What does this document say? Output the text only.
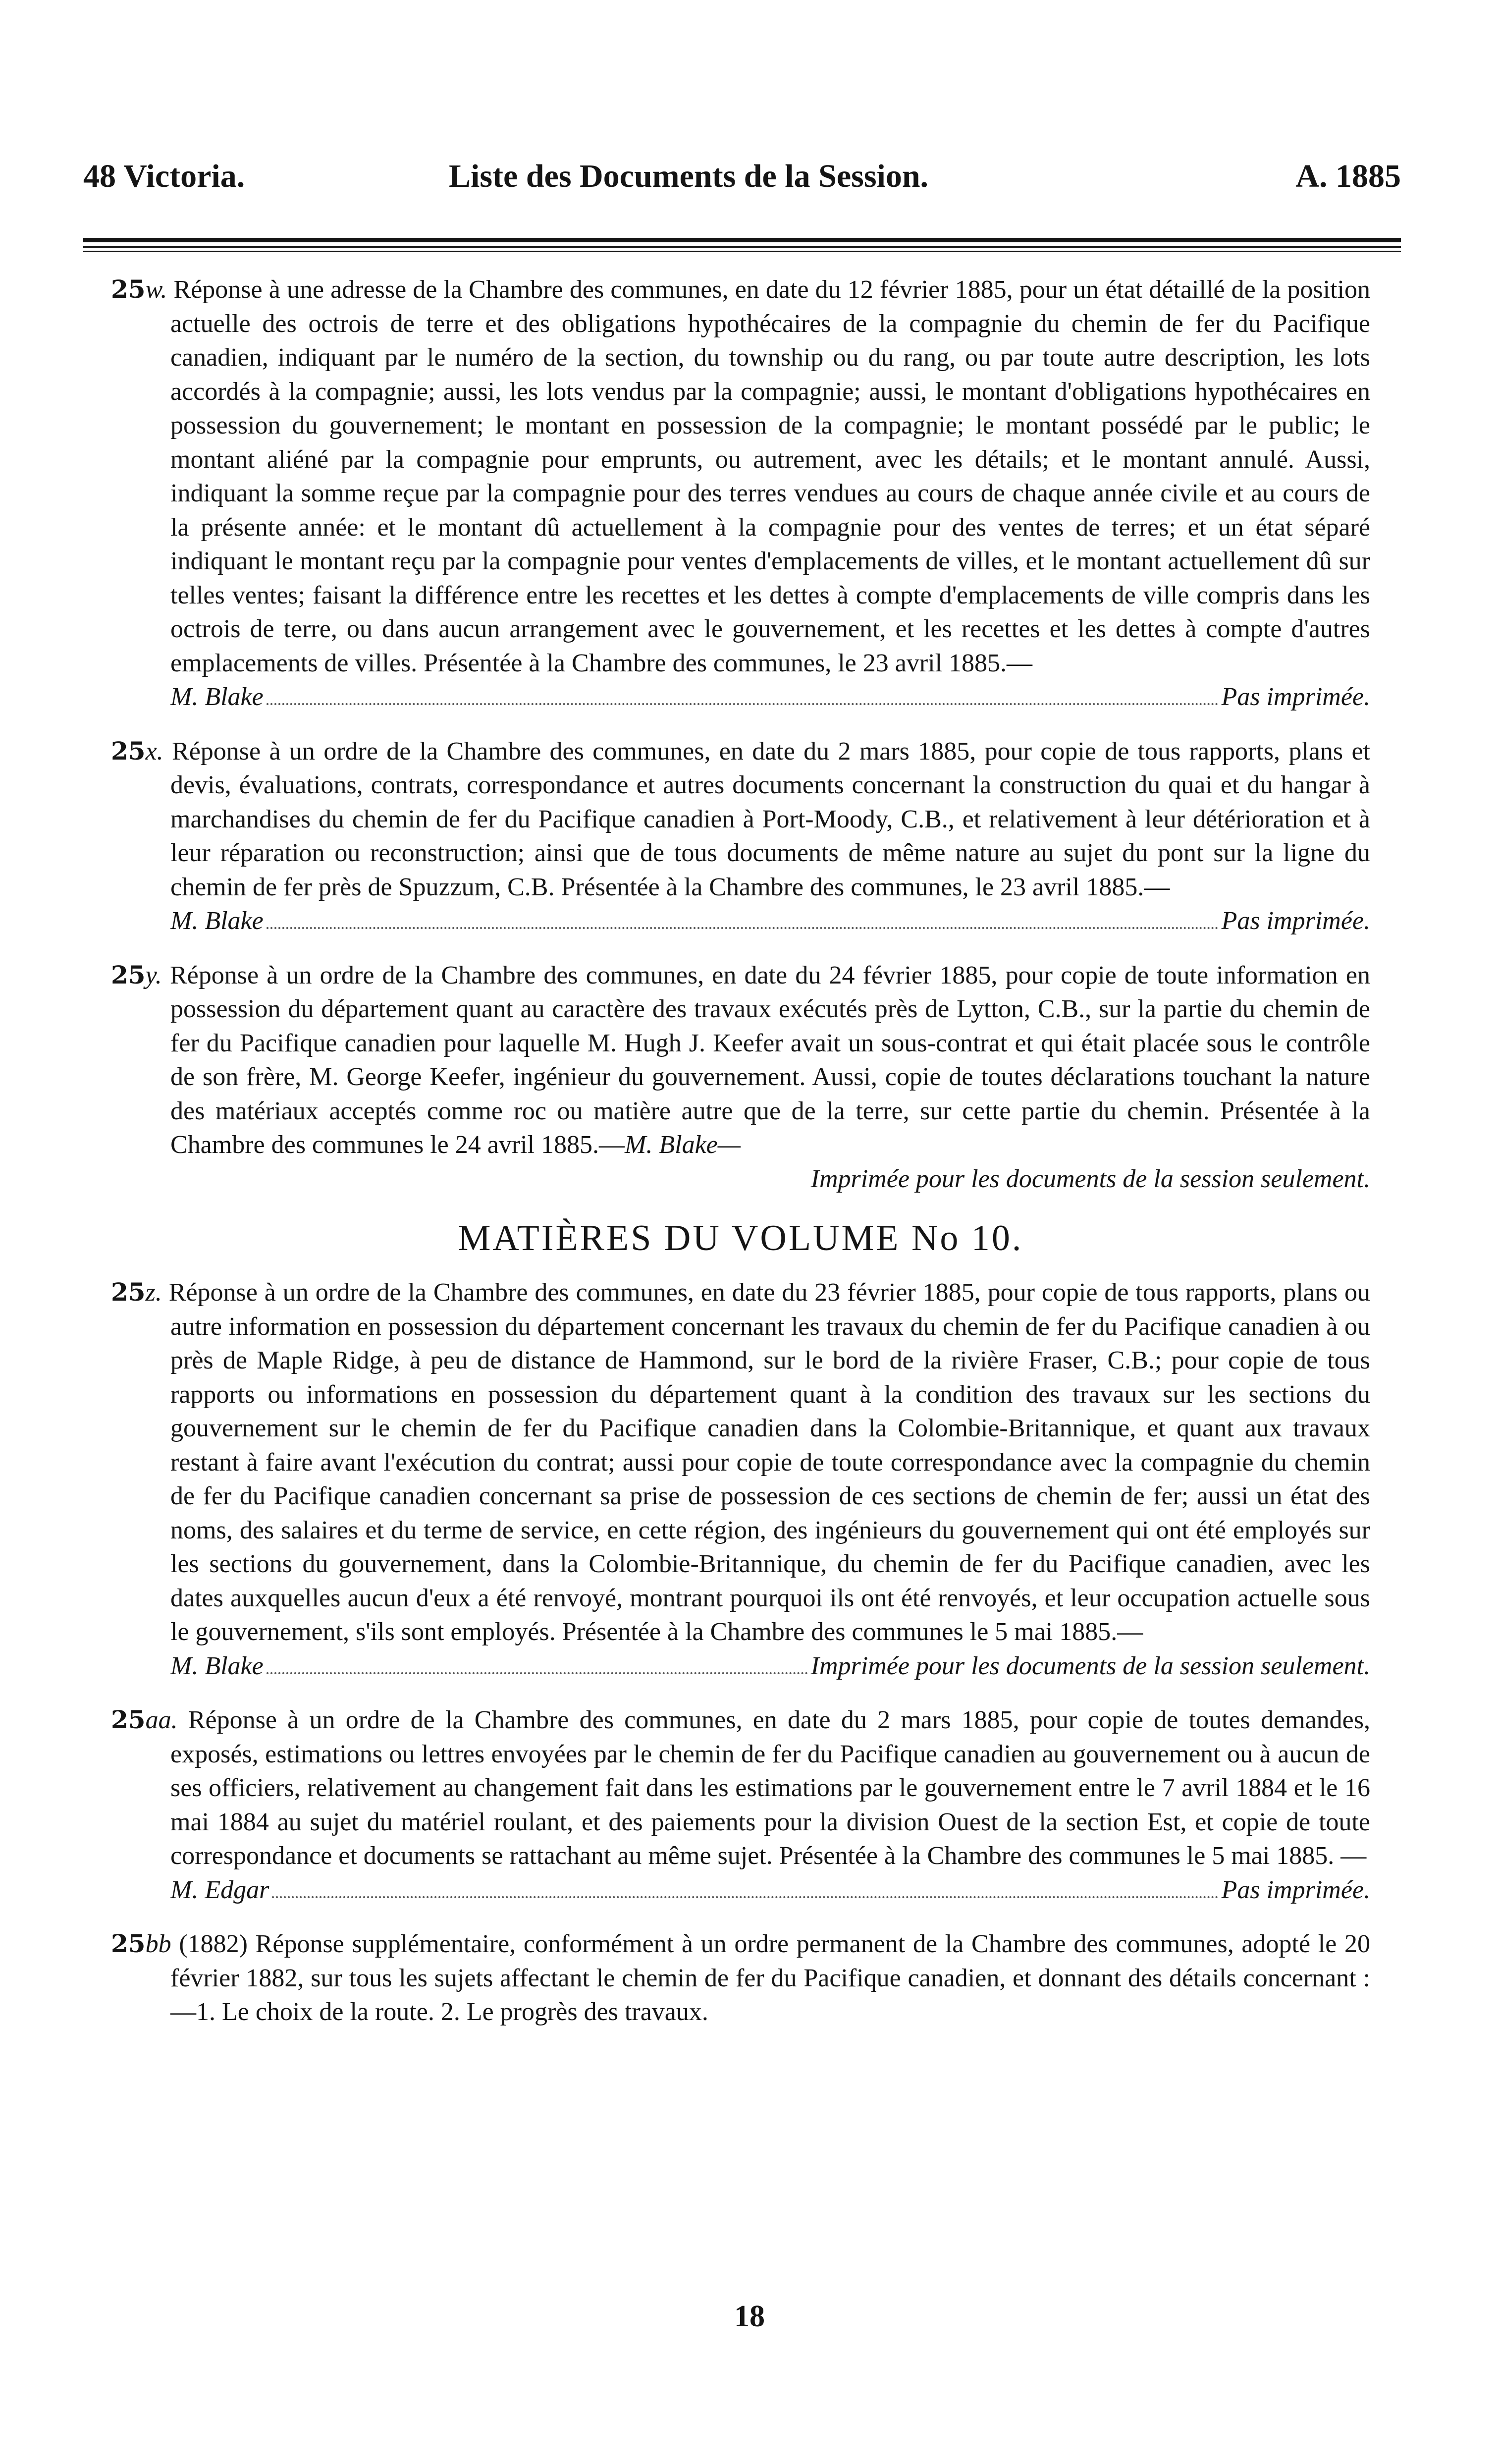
48 Victoria.	Liste des Documents de la Session.	A. 1885
25w. Réponse à une adresse de la Chambre des communes, en date du 12 février 1885, pour un état détaillé de la position actuelle des octrois de terre et des obligations hypothécaires de la compagnie du chemin de fer du Pacifique canadien, indiquant par le numéro de la section, du township ou du rang, ou par toute autre description, les lots accordés à la compagnie; aussi, les lots vendus par la compagnie; aussi, le montant d'obligations hypothécaires en possession du gouvernement; le montant en possession de la compagnie; le montant possédé par le public; le montant aliéné par la compagnie pour emprunts, ou autrement, avec les détails; et le montant annulé. Aussi, indiquant la somme reçue par la compagnie pour des terres vendues au cours de chaque année civile et au cours de la présente année: et le montant dû actuellement à la compagnie pour des ventes de terres; et un état séparé indiquant le montant reçu par la compagnie pour ventes d'emplacements de villes, et le montant actuellement dû sur telles ventes; faisant la différence entre les recettes et les dettes à compte d'emplacements de ville compris dans les octrois de terre, ou dans aucun arrangement avec le gouvernement, et les recettes et les dettes à compte d'autres emplacements de villes. Présentée à la Chambre des communes, le 23 avril 1885.—
M. Blake	Pas imprimée.
25x. Réponse à un ordre de la Chambre des communes, en date du 2 mars 1885, pour copie de tous rapports, plans et devis, évaluations, contrats, correspondance et autres documents concernant la construction du quai et du hangar à marchandises du chemin de fer du Pacifique canadien à Port-Moody, C.B., et relativement à leur détérioration et à leur réparation ou reconstruction; ainsi que de tous documents de même nature au sujet du pont sur la ligne du chemin de fer près de Spuzzum, C.B. Présentée à la Chambre des communes, le 23 avril 1885.—
M. Blake	Pas imprimée.
25y. Réponse à un ordre de la Chambre des communes, en date du 24 février 1885, pour copie de toute information en possession du département quant au caractère des travaux exécutés près de Lytton, C.B., sur la partie du chemin de fer du Pacifique canadien pour laquelle M. Hugh J. Keefer avait un sous-contrat et qui était placée sous le contrôle de son frère, M. George Keefer, ingénieur du gouvernement. Aussi, copie de toutes déclarations touchant la nature des matériaux acceptés comme roc ou matière autre que de la terre, sur cette partie du chemin. Présentée à la Chambre des communes le 24 avril 1885.—M. Blake—
Imprimée pour les documents de la session seulement.
MATIÈRES DU VOLUME No 10.
25z. Réponse à un ordre de la Chambre des communes, en date du 23 février 1885, pour copie de tous rapports, plans ou autre information en possession du département concernant les travaux du chemin de fer du Pacifique canadien à ou près de Maple Ridge, à peu de distance de Hammond, sur le bord de la rivière Fraser, C.B.; pour copie de tous rapports ou informations en possession du département quant à la condition des travaux sur les sections du gouvernement sur le chemin de fer du Pacifique canadien dans la Colombie-Britannique, et quant aux travaux restant à faire avant l'exécution du contrat; aussi pour copie de toute correspondance avec la compagnie du chemin de fer du Pacifique canadien concernant sa prise de possession de ces sections de chemin de fer; aussi un état des noms, des salaires et du terme de service, en cette région, des ingénieurs du gouvernement qui ont été employés sur les sections du gouvernement, dans la Colombie-Britannique, du chemin de fer du Pacifique canadien, avec les dates auxquelles aucun d'eux a été renvoyé, montrant pourquoi ils ont été renvoyés, et leur occupation actuelle sous le gouvernement, s'ils sont employés. Présentée à la Chambre des communes le 5 mai 1885.—
M. Blake	Imprimée pour les documents de la session seulement.
25aa. Réponse à un ordre de la Chambre des communes, en date du 2 mars 1885, pour copie de toutes demandes, exposés, estimations ou lettres envoyées par le chemin de fer du Pacifique canadien au gouvernement ou à aucun de ses officiers, relativement au changement fait dans les estimations par le gouvernement entre le 7 avril 1884 et le 16 mai 1884 au sujet du matériel roulant, et des paiements pour la division Ouest de la section Est, et copie de toute correspondance et documents se rattachant au même sujet. Présentée à la Chambre des communes le 5 mai 1885. —
M. Edgar	Pas imprimée.
25bb (1882) Réponse supplémentaire, conformément à un ordre permanent de la Chambre des communes, adopté le 20 février 1882, sur tous les sujets affectant le chemin de fer du Pacifique canadien, et donnant des détails concernant :—1. Le choix de la route. 2. Le progrès des travaux.
18
